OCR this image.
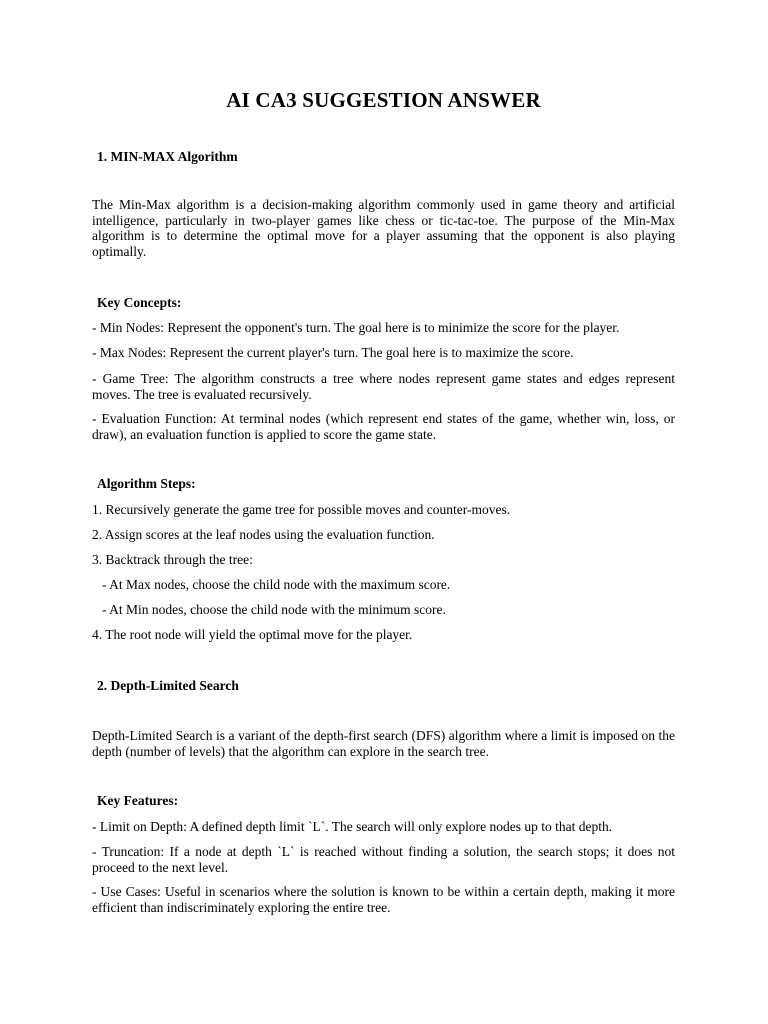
AI CA3 SUGGESTION ANSWER
1. MIN-MAX Algorithm

The Min-Max algorithm is a decision-making algorithm commonly used in game theory and artificial intelligence, particularly in two-player games like chess or tic-tac-toe. The purpose of the Min-Max algorithm is to determine the optimal move for a player assuming that the opponent is also playing optimally.

Key Concepts:

- Min Nodes: Represent the opponent's turn. The goal here is to minimize the score for the player.

- Max Nodes: Represent the current player's turn. The goal here is to maximize the score.

- Game Tree: The algorithm constructs a tree where nodes represent game states and edges represent moves. The tree is evaluated recursively.

- Evaluation Function: At terminal nodes (which represent end states of the game, whether win, loss, or draw), an evaluation function is applied to score the game state.

Algorithm Steps:

1. Recursively generate the game tree for possible moves and counter-moves.

2. Assign scores at the leaf nodes using the evaluation function.

3. Backtrack through the tree:

- At Max nodes, choose the child node with the maximum score.

- At Min nodes, choose the child node with the minimum score.

4. The root node will yield the optimal move for the player.

2. Depth-Limited Search

Depth-Limited Search is a variant of the depth-first search (DFS) algorithm where a limit is imposed on the depth (number of levels) that the algorithm can explore in the search tree.

Key Features:

- Limit on Depth: A defined depth limit `L`. The search will only explore nodes up to that depth.

- Truncation: If a node at depth `L` is reached without finding a solution, the search stops; it does not proceed to the next level.

- Use Cases: Useful in scenarios where the solution is known to be within a certain depth, making it more efficient than indiscriminately exploring the entire tree.
